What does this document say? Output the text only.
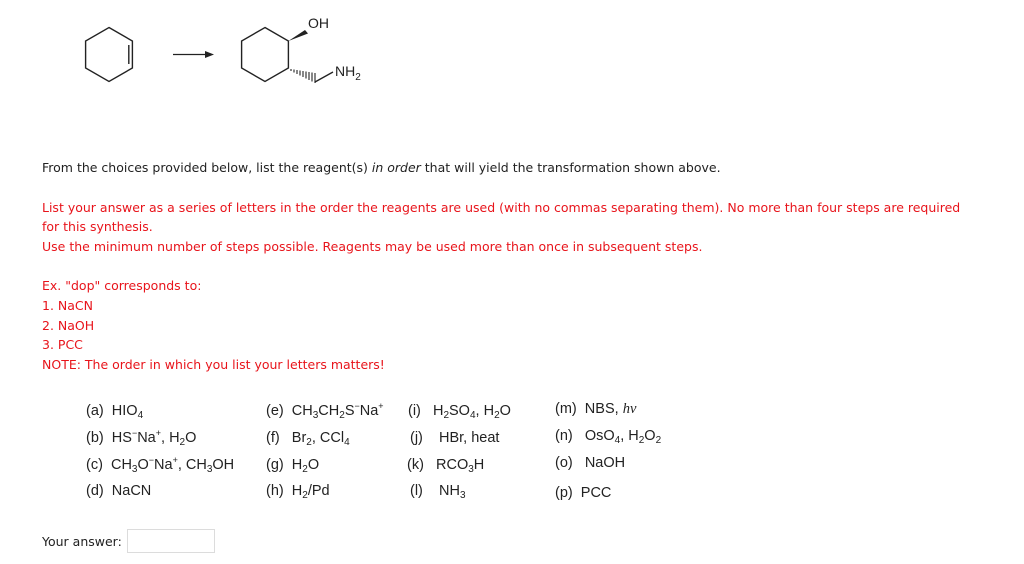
OH
$NH_2$
From the choices provided below, list the reagent(s) in order that will yield the transformation shown above.
List your answer as a series of letters in the order the reagents are used (with no commas separating them). No more than four steps are required
for this synthesis.
Use the minimum number of steps possible. Reagents may be used more than once in subsequent steps.
Ex. "dop" corresponds to:
1. NaCN
2. NaOH
3. PCC
NOTE: The order in which you list your letters matters!
(a)  $HIO_4$
(b)  HS−Na+, $H_2O$
(c)  $CH_3O^-Na^+$, $CH_3OH$
(d)  NaCN
(e)  $CH_3CH_2S^-Na^+$
(f)   $Br_2$, CCl$_4$
(g)  $H_2O$
(h)  $H_2/Pd$
(i)   $H_2SO_4$, $H_2O$
(j)    HBr, heat
(k)   $RCO_3H$
(l)    $NH_3$
(m)  NBS, hν
(n)   OsO$_4$, $H_2O_2$
(o)   NaOH
(p)  PCC
Your answer:
